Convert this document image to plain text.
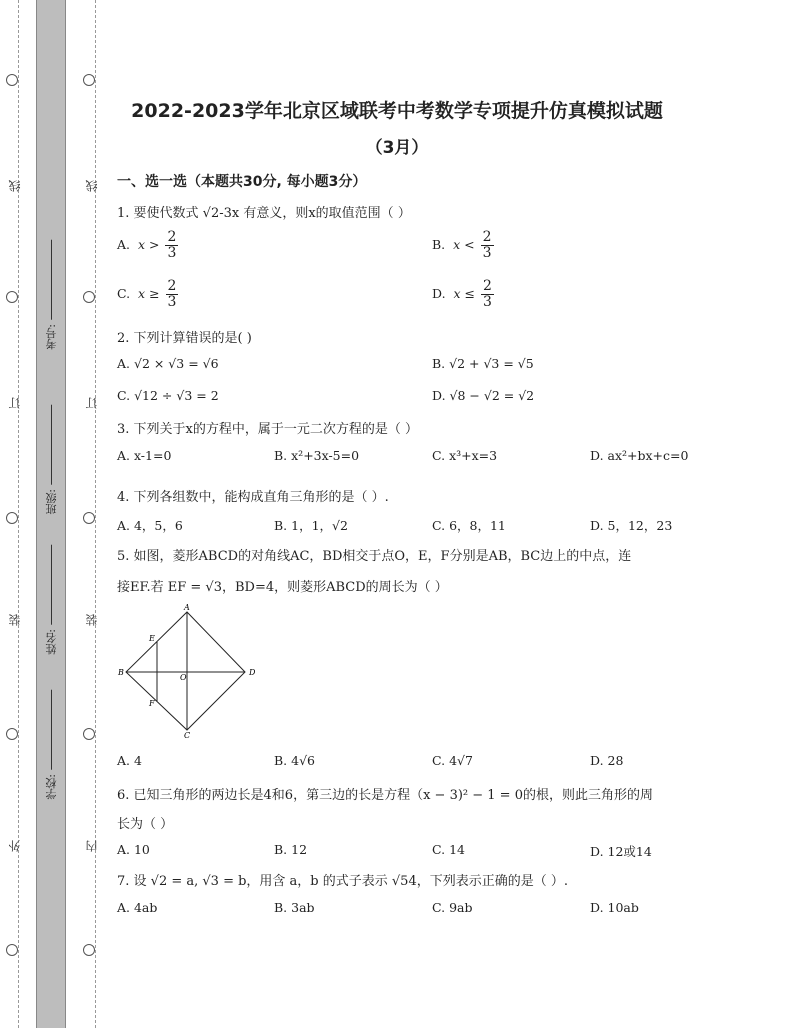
线
订
装
外
线
订
装
内
考号:
班级:
姓名:
学校:
2022-2023学年北京区域联考中考数学专项提升仿真模拟试题
（3月）
一、选一选（本题共30分, 每小题3分）
1. 要使代数式 √2-3x 有意义，则x的取值范围（ ）
A. $x > \frac{2}{3}$	B. $x < \frac{2}{3}$
C. $x \ge \frac{2}{3}$	D. $x \le \frac{2}{3}$
2. 下列计算错误的是( )
A. √2 × √3 = √6	B. √2 + √3 = √5
C. √12 ÷ √3 = 2	D. √8 − √2 = √2
3. 下列关于x的方程中，属于一元二次方程的是（ ）
A. x-1=0	B. x²+3x-5=0	C. x³+x=3	D. ax²+bx+c=0
4. 下列各组数中，能构成直角三角形的是（ ）.
A. 4，5，6	B. 1，1，√2	C. 6，8，11	D. 5，12，23
5. 如图，菱形ABCD的对角线AC，BD相交于点O，E，F分别是AB，BC边上的中点，连
接EF.若 EF = √3，BD=4，则菱形ABCD的周长为（ ）
A
B
C
D
E
F
O
A. 4	B. 4√6	C. 4√7	D. 28
6. 已知三角形的两边长是4和6，第三边的长是方程（x − 3)² − 1 = 0的根，则此三角形的周
长为（ ）
A. 10	B. 12	C. 14	D. 12或14
7. 设 √2 = a, √3 = b，用含 a，b 的式子表示 √54，下列表示正确的是（ ）.
A. 4ab	B. 3ab	C. 9ab	D. 10ab
